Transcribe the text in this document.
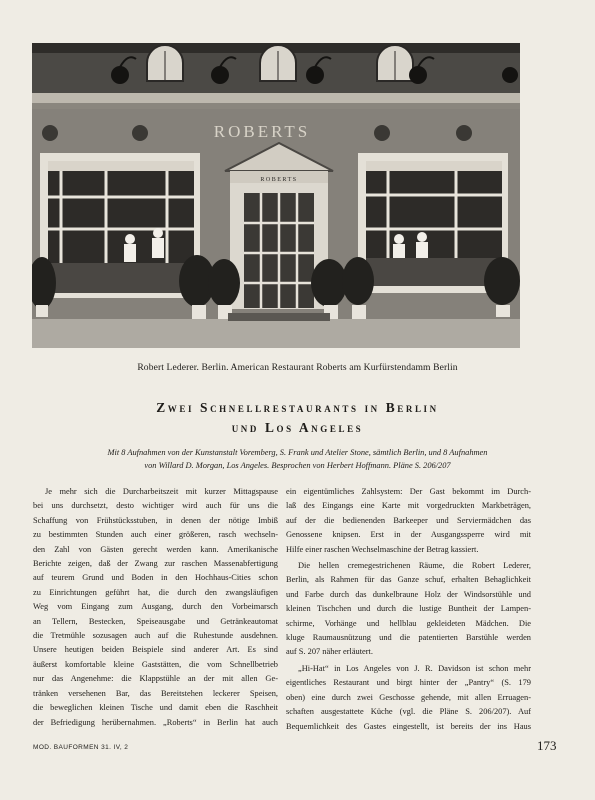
ROBERTS
ROBERTS
Robert Lederer. Berlin. American Restaurant Roberts am Kurfürstendamm Berlin
Zwei Schnellrestaurants in Berlin
und Los Angeles
Mit 8 Aufnahmen von der Kunstanstalt Voremberg, S. Frank und Atelier Stone, sämtlich Berlin, und 8 Aufnahmen
von Willard D. Morgan, Los Angeles. Besprochen von Herbert Hoffmann. Pläne S. 206/207
Je mehr sich die Durcharbeitszeit mit kurzer Mittagspause
bei uns durchsetzt, desto wichtiger wird auch für uns die
Schaffung von Frühstücksstuben, in denen der nötige Imbiß
zu bestimmten Stunden auch einer größeren, rasch wechseln-
den Zahl von Gästen gerecht werden kann. Amerikanische
Berichte zeigen, daß der Zwang zur raschen Massenabfertigung
auf teurem Grund und Boden in den Hochhaus-Cities schon
zu Einrichtungen geführt hat, die durch den zwangsläufigen
Weg vom Eingang zum Ausgang, durch den Vorbeimarsch
an Tellern, Bestecken, Speiseausgabe und Getränkeautomat
die Tretmühle sozusagen auch auf die Ruhestunde ausdehnen.
Unsere heutigen beiden Beispiele sind anderer Art. Es sind
äußerst komfortable kleine Gaststätten, die vom Schnellbetrieb
nur das Angenehme: die Klappstühle an der mit allen Ge-
tränken versehenen Bar, das Bereitstehen leckerer Speisen,
die beweglichen kleinen Tische und damit eben die Raschheit
der Befriedigung herübernahmen. „Roberts“ in Berlin hat auch
ein eigentümliches Zahlsystem: Der Gast bekommt im Durch-
laß des Eingangs eine Karte mit vorgedruckten Markbeträgen,
auf der die bedienenden Barkeeper und Serviermädchen das
Genossene knipsen. Erst in der Ausgangssperre wird mit
Hilfe einer raschen Wechselmaschine der Betrag kassiert.
Die hellen cremegestrichenen Räume, die Robert Lederer,
Berlin, als Rahmen für das Ganze schuf, erhalten Behaglichkeit
und Farbe durch das dunkelbraune Holz der Windsorstühle und
kleinen Tischchen und durch die lustige Buntheit der Lampen-
schirme, Vorhänge und hellblau gekleideten Mädchen. Die
kluge Raumausnützung und die patentierten Barstühle werden
auf S. 207 näher erläutert.
„Hi-Hat“ in Los Angeles von J. R. Davidson ist schon mehr
eigentliches Restaurant und birgt hinter der „Pantry“ (S. 179
oben) eine durch zwei Geschosse gehende, mit allen Erruagen-
schaften ausgestattete Küche (vgl. die Pläne S. 206/207). Auf
Bequemlichkeit des Gastes eingestellt, ist bereits der ins Haus
MOD. BAUFORMEN 31. IV, 2	173
